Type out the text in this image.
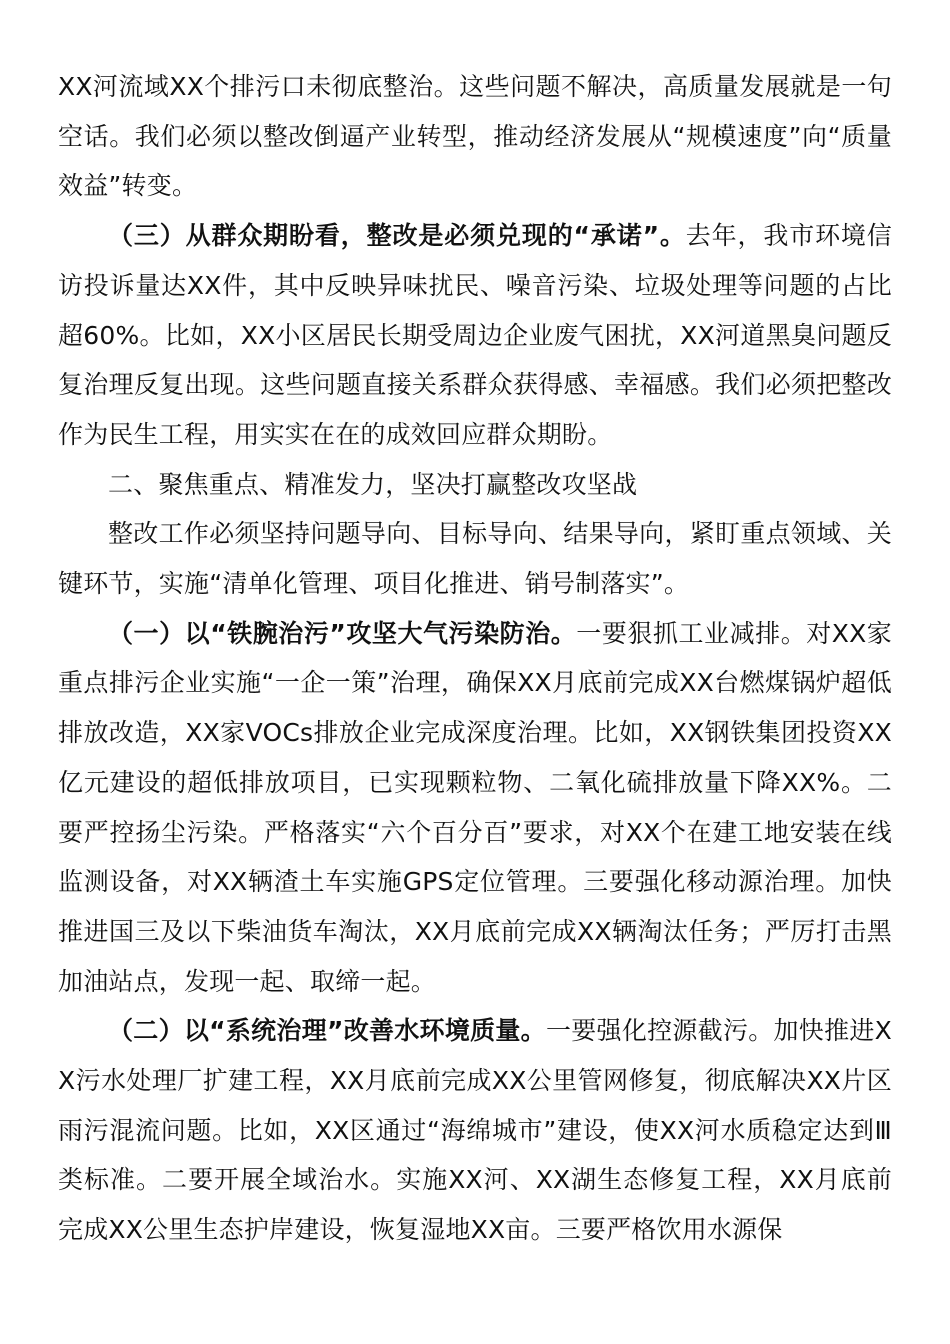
XX河流域XX个排污口未彻底整治。这些问题不解决，高质量发展就是一句空话。我们必须以整改倒逼产业转型，推动经济发展从“规模速度”向“质量效益”转变。

（三）从群众期盼看，整改是必须兑现的“承诺”。去年，我市环境信访投诉量达XX件，其中反映异味扰民、噪音污染、垃圾处理等问题的占比超60%。比如，XX小区居民长期受周边企业废气困扰，XX河道黑臭问题反复治理反复出现。这些问题直接关系群众获得感、幸福感。我们必须把整改作为民生工程，用实实在在的成效回应群众期盼。

二、聚焦重点、精准发力，坚决打赢整改攻坚战

整改工作必须坚持问题导向、目标导向、结果导向，紧盯重点领域、关键环节，实施“清单化管理、项目化推进、销号制落实”。

（一）以“铁腕治污”攻坚大气污染防治。一要狠抓工业减排。对XX家重点排污企业实施“一企一策”治理，确保XX月底前完成XX台燃煤锅炉超低排放改造，XX家VOCs排放企业完成深度治理。比如，XX钢铁集团投资XX亿元建设的超低排放项目，已实现颗粒物、二氧化硫排放量下降XX%。二要严控扬尘污染。严格落实“六个百分百”要求，对XX个在建工地安装在线监测设备，对XX辆渣土车实施GPS定位管理。三要强化移动源治理。加快推进国三及以下柴油货车淘汰，XX月底前完成XX辆淘汰任务；严厉打击黑加油站点，发现一起、取缔一起。

（二）以“系统治理”改善水环境质量。一要强化控源截污。加快推进XX污水处理厂扩建工程，XX月底前完成XX公里管网修复，彻底解决XX片区雨污混流问题。比如，XX区通过“海绵城市”建设，使XX河水质稳定达到Ⅲ类标准。二要开展全域治水。实施XX河、XX湖生态修复工程，XX月底前完成XX公里生态护岸建设，恢复湿地XX亩。三要严格饮用水源保
